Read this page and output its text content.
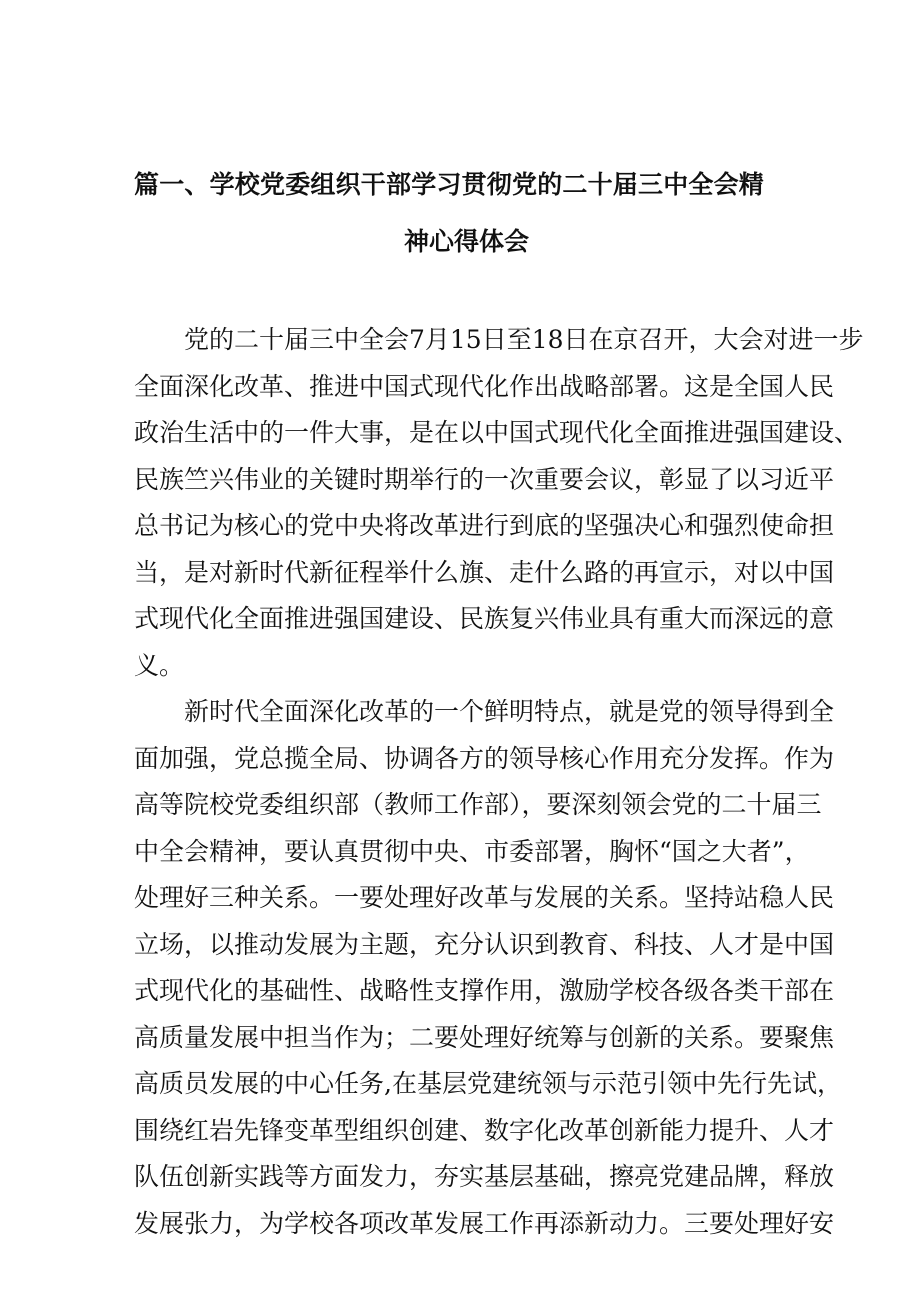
篇一、学校党委组织干部学习贯彻党的二十届三中全会精
神心得体会
党的二十届三中全会7月15日至18日在京召开，大会对进一步
全面深化改革、推进中国式现代化作出战略部署。这是全国人民
政治生活中的一件大事，是在以中国式现代化全面推进强国建设、
民族竺兴伟业的关键时期举行的一次重要会议，彰显了以习近平
总书记为核心的党中央将改革进行到底的坚强决心和强烈使命担
当，是对新时代新征程举什么旗、走什么路的再宣示，对以中国
式现代化全面推进强国建设、民族复兴伟业具有重大而深远的意
义。
新时代全面深化改革的一个鲜明特点，就是党的领导得到全
面加强，党总揽全局、协调各方的领导核心作用充分发挥。作为
高等院校党委组织部（教师工作部），要深刻领会党的二十届三
中全会精神，要认真贯彻中央、市委部署，胸怀“国之大者”，
处理好三种关系。一要处理好改革与发展的关系。坚持站稳人民
立场，以推动发展为主题，充分认识到教育、科技、人才是中国
式现代化的基础性、战略性支撑作用，激励学校各级各类干部在
高质量发展中担当作为；二要处理好统筹与创新的关系。要聚焦
高质员发展的中心任务,在基层党建统领与示范引领中先行先试，
围绕红岩先锋变革型组织创建、数字化改革创新能力提升、人才
队伍创新实践等方面发力，夯实基层基础，擦亮党建品牌，释放
发展张力，为学校各项改革发展工作再添新动力。三要处理好安
